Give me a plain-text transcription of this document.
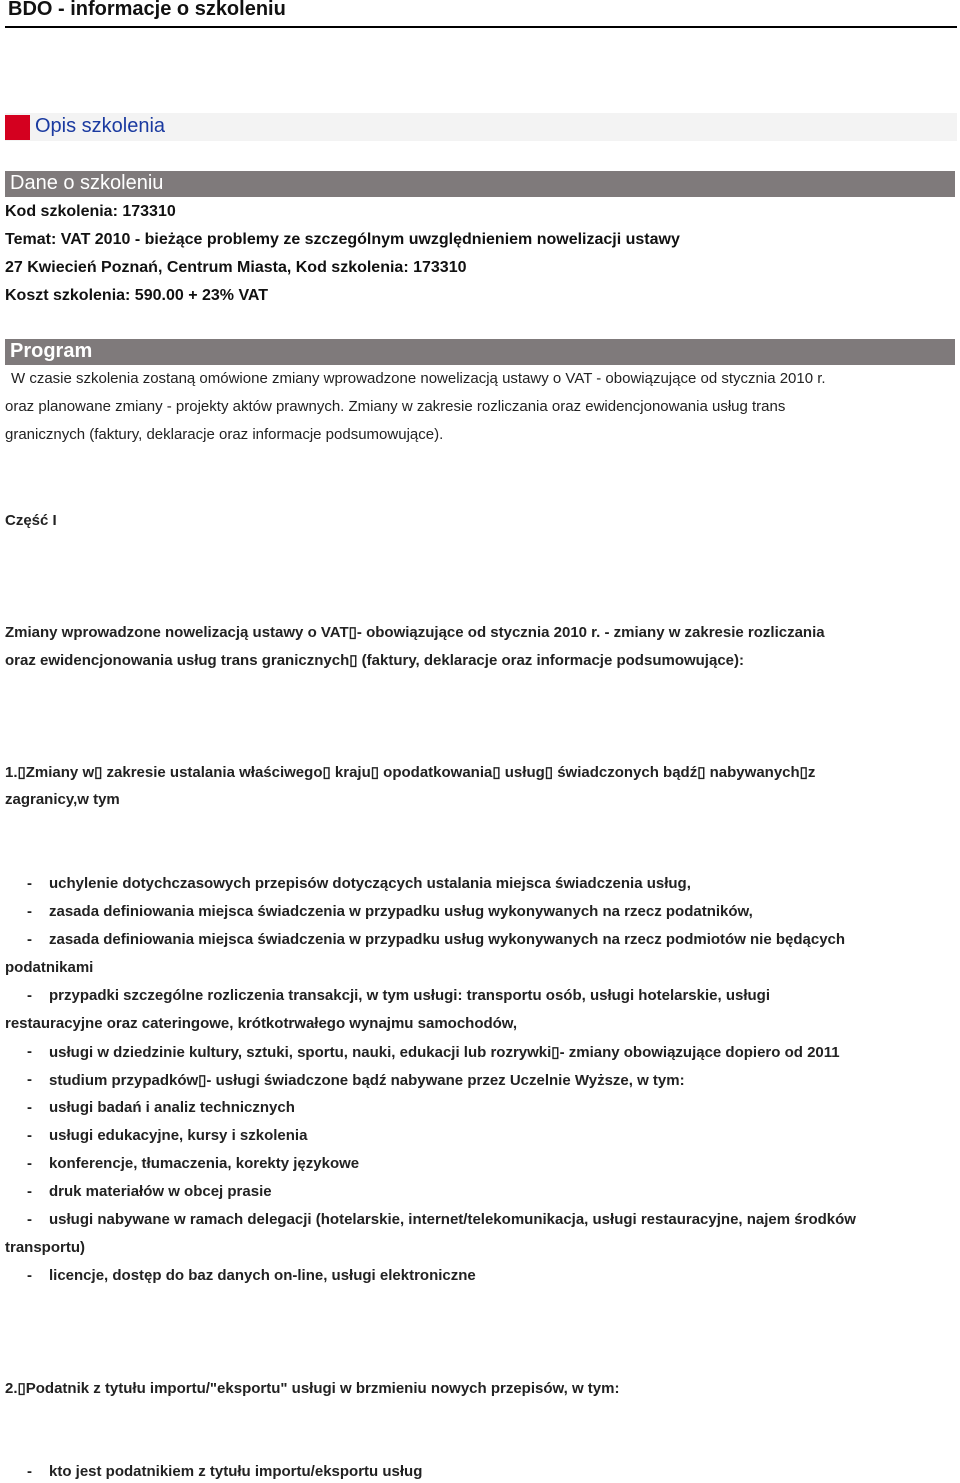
BDO - informacje o szkoleniu
Opis szkolenia
Dane o szkoleniu
Kod szkolenia: 173310
Temat: VAT 2010 - bieżące problemy ze szczególnym uwzględnieniem nowelizacji ustawy
27 Kwiecień Poznań, Centrum Miasta, Kod szkolenia: 173310
Koszt szkolenia: 590.00 + 23% VAT
Program
W czasie szkolenia zostaną omówione zmiany wprowadzone nowelizacją ustawy o VAT - obowiązujące od stycznia 2010 r.
oraz planowane zmiany - projekty aktów prawnych. Zmiany w zakresie rozliczania oraz ewidencjonowania usług trans
granicznych (faktury, deklaracje oraz informacje podsumowujące).
Część I
Zmiany wprowadzone nowelizacją ustawy o VAT▯- obowiązujące od stycznia 2010 r. - zmiany w zakresie rozliczania
oraz ewidencjonowania usług trans granicznych▯ (faktury, deklaracje oraz informacje podsumowujące):
1.▯Zmiany w▯ zakresie ustalania właściwego▯ kraju▯ opodatkowania▯ usług▯ świadczonych bądź▯ nabywanych▯z
zagranicy,w tym
- uchylenie dotychczasowych przepisów dotyczących ustalania miejsca świadczenia usług,
- zasada definiowania miejsca świadczenia w przypadku usług wykonywanych na rzecz podatników,
- zasada definiowania miejsca świadczenia w przypadku usług wykonywanych na rzecz podmiotów nie będących
podatnikami
- przypadki szczególne rozliczenia transakcji, w tym usługi: transportu osób, usługi hotelarskie, usługi
restauracyjne oraz cateringowe, krótkotrwałego wynajmu samochodów,
- usługi w dziedzinie kultury, sztuki, sportu, nauki, edukacji lub rozrywki▯- zmiany obowiązujące dopiero od 2011
- studium przypadków▯- usługi świadczone bądź nabywane przez Uczelnie Wyższe, w tym:
- usługi badań i analiz technicznych
- usługi edukacyjne, kursy i szkolenia
- konferencje, tłumaczenia, korekty językowe
- druk materiałów w obcej prasie
- usługi nabywane w ramach delegacji (hotelarskie, internet/telekomunikacja, usługi restauracyjne, najem środków
transportu)
- licencje, dostęp do baz danych on-line, usługi elektroniczne
2.▯Podatnik z tytułu importu/"eksportu" usługi w brzmieniu nowych przepisów, w tym:
- kto jest podatnikiem z tytułu importu/eksportu usług
